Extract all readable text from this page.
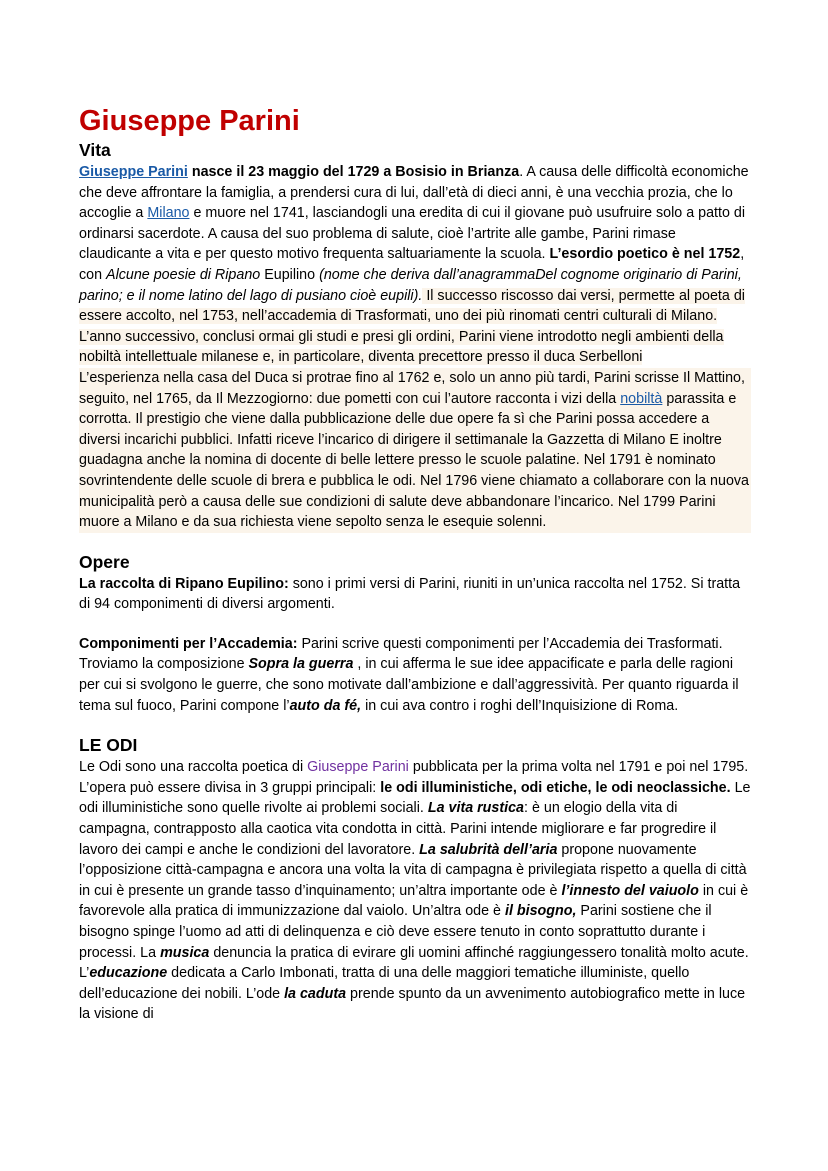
Giuseppe Parini
Vita

Giuseppe Parini nasce il 23 maggio del 1729 a Bosisio in Brianza. A causa delle difficoltà economiche che deve affrontare la famiglia, a prendersi cura di lui, dall’età di dieci anni, è una vecchia prozia, che lo accoglie a Milano e muore nel 1741, lasciandogli una eredita di cui il giovane può usufruire solo a patto di ordinarsi sacerdote. A causa del suo problema di salute, cioè l’artrite alle gambe, Parini rimase claudicante a vita e per questo motivo frequenta saltuariamente la scuola. L’esordio poetico è nel 1752, con Alcune poesie di Ripano Eupilino (nome che deriva dall’anagrammaDel cognome originario di Parini, parino; e il nome latino del lago di pusiano cioè eupili). Il successo riscosso dai versi, permette al poeta di essere accolto, nel 1753, nell’accademia di Trasformati, uno dei più rinomati centri culturali di Milano. L’anno successivo, conclusi ormai gli studi e presi gli ordini, Parini viene introdotto negli ambienti della nobiltà intellettuale milanese e, in particolare, diventa precettore presso il duca Serbelloni

L’esperienza nella casa del Duca si protrae fino al 1762 e, solo un anno più tardi, Parini scrisse Il Mattino, seguito, nel 1765, da Il Mezzogiorno: due pometti con cui l’autore racconta i vizi della nobiltà parassita e corrotta. Il prestigio che viene dalla pubblicazione delle due opere fa sì che Parini possa accedere a diversi incarichi pubblici. Infatti riceve l’incarico di dirigere il settimanale la Gazzetta di Milano E inoltre guadagna anche la nomina di docente di belle lettere presso le scuole palatine. Nel 1791 è nominato sovrintendente delle scuole di brera e pubblica le odi. Nel 1796 viene chiamato a collaborare con la nuova municipalità però a causa delle sue condizioni di salute deve abbandonare l’incarico. Nel 1799 Parini muore a Milano e da sua richiesta viene sepolto senza le esequie solenni.

Opere

La raccolta di Ripano Eupilino: sono i primi versi di Parini, riuniti in un’unica raccolta nel 1752. Si tratta di 94 componimenti di diversi argomenti.

Componimenti per l’Accademia: Parini scrive questi componimenti per l’Accademia dei Trasformati. Troviamo la composizione Sopra la guerra , in cui afferma le sue idee appacificate e parla delle ragioni per cui si svolgono le guerre, che sono motivate dall’ambizione e dall’aggressività. Per quanto riguarda il tema sul fuoco, Parini compone l’auto da fé, in cui ava contro i roghi dell’Inquisizione di Roma.

LE ODI

Le Odi sono una raccolta poetica di Giuseppe Parini pubblicata per la prima volta nel 1791 e poi nel 1795. L’opera può essere divisa in 3 gruppi principali: le odi illuministiche, odi etiche, le odi neoclassiche. Le odi illuministiche sono quelle rivolte ai problemi sociali. La vita rustica: è un elogio della vita di campagna, contrapposto alla caotica vita condotta in città. Parini intende migliorare e far progredire il lavoro dei campi e anche le condizioni del lavoratore. La salubrità dell’aria propone nuovamente l’opposizione città-campagna e ancora una volta la vita di campagna è privilegiata rispetto a quella di città in cui è presente un grande tasso d’inquinamento; un’altra importante ode è l’innesto del vaiuolo in cui è favorevole alla pratica di immunizzazione dal vaiolo. Un’altra ode è il bisogno, Parini sostiene che il bisogno spinge l’uomo ad atti di delinquenza e ciò deve essere tenuto in conto soprattutto durante i processi. La musica denuncia la pratica di evirare gli uomini affinché raggiungessero tonalità molto acute. L’educazione dedicata a Carlo Imbonati, tratta di una delle maggiori tematiche illuministe, quello dell’educazione dei nobili. L’ode la caduta prende spunto da un avvenimento autobiografico mette in luce la visione di
